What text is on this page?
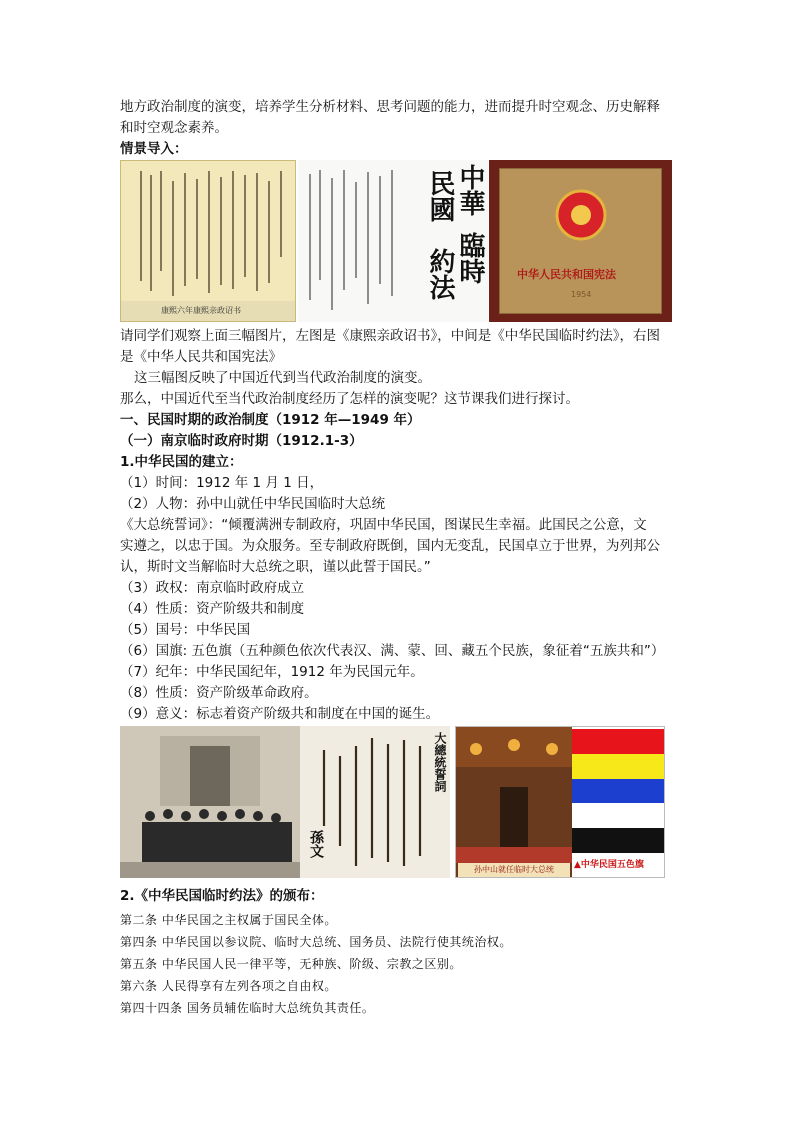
地方政治制度的演变，培养学生分析材料、思考问题的能力，进而提升时空观念、历史解释
和时空观念素养。
情景导入：
康熙六年康熙亲政诏书
中華
民國
臨時
約法	中华人民共和国宪法
1954
请同学们观察上面三幅图片，左图是《康熙亲政诏书》，中间是《中华民国临时约法》，右图
是《中华人民共和国宪法》
这三幅图反映了中国近代到当代政治制度的演变。
那么，中国近代至当代政治制度经历了怎样的演变呢？这节课我们进行探讨。
一、民国时期的政治制度（1912 年—1949 年）
（一）南京临时政府时期（1912.1-3）
1.中华民国的建立：
（1）时间：1912 年 1 月 1 日，
（2）人物：孙中山就任中华民国临时大总统
《大总统誓词》：“倾覆满洲专制政府，巩固中华民国，图谋民生幸福。此国民之公意，文
实遵之，以忠于国。为众服务。至专制政府既倒，国内无变乱，民国卓立于世界，为列邦公
认，斯时文当解临时大总统之职，谨以此誓于国民。”
（3）政权：南京临时政府成立
（4）性质：资产阶级共和制度
（5）国号：中华民国
（6）国旗: 五色旗（五种颜色依次代表汉、满、蒙、回、藏五个民族，象征着“五族共和”）
（7）纪年：中华民国纪年，1912 年为民国元年。
（8）性质：资产阶级革命政府。
（9）意义：标志着资产阶级共和制度在中国的诞生。
大總統誓詞
孫文
孙中山就任临时大总统	▲中华民国五色旗
2.《中华民国临时约法》的颁布：
第二条 中华民国之主权属于国民全体。
第四条 中华民国以参议院、临时大总统、国务员、法院行使其统治权。
第五条 中华民国人民一律平等，无种族、阶级、宗教之区别。
第六条 人民得享有左列各项之自由权。
第四十四条 国务员辅佐临时大总统负其责任。
